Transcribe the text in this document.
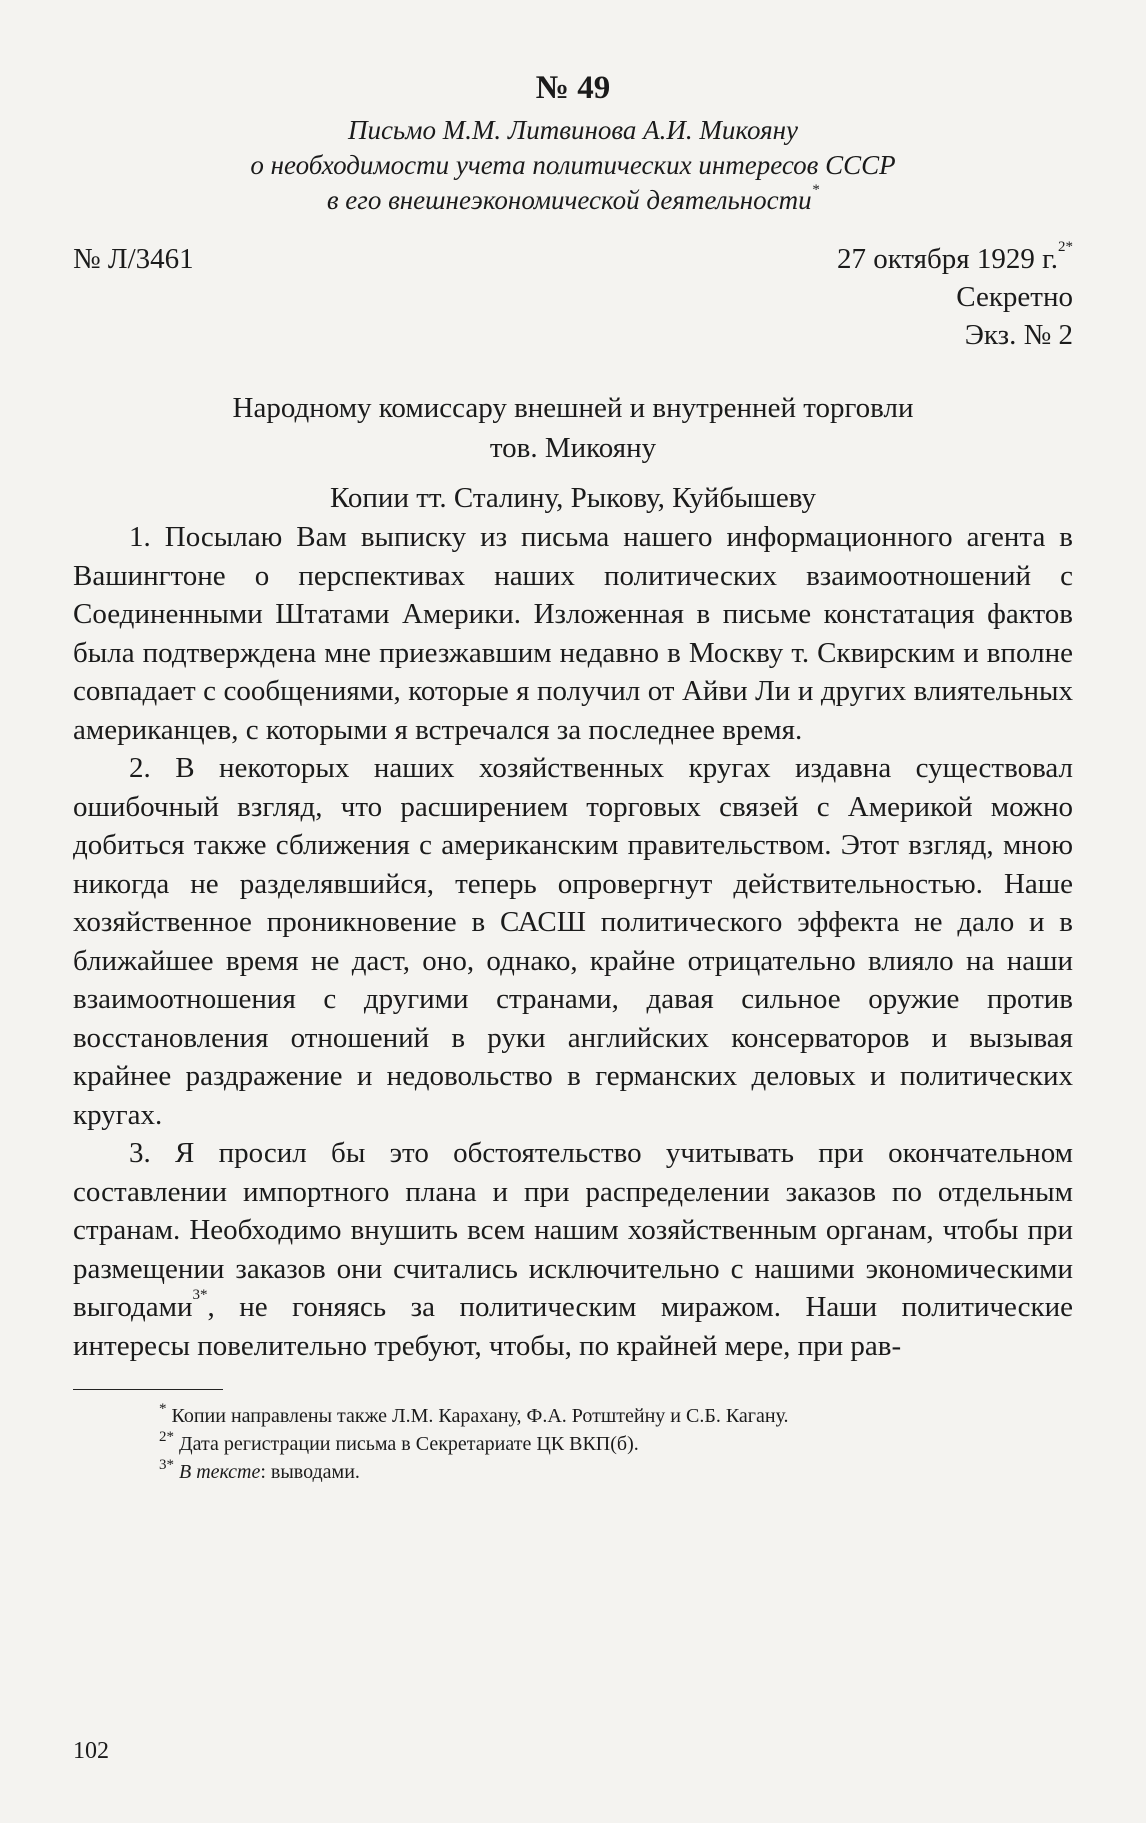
№ 49
Письмо М.М. Литвинова А.И. Микояну
о необходимости учета политических интересов СССР
в его внешнеэкономической деятельности*
№ Л/3461	27 октября 1929 г.$^{2*}$
Секретно
Экз. № 2
Народному комиссару внешней и внутренней торговли
тов. Микояну
Копии тт. Сталину, Рыкову, Куйбышеву

1. Посылаю Вам выписку из письма нашего информационного агента в Вашингтоне о перспективах наших политических взаимоотношений с Соединенными Штатами Америки. Изложенная в письме констатация фактов была подтверждена мне приезжавшим недавно в Москву т. Сквирским и вполне совпадает с сообщениями, которые я получил от Айви Ли и других влиятельных американцев, с которыми я встречался за последнее время.

2. В некоторых наших хозяйственных кругах издавна существовал ошибочный взгляд, что расширением торговых связей с Америкой можно добиться также сближения с американским правительством. Этот взгляд, мною никогда не разделявшийся, теперь опровергнут действительностью. Наше хозяйственное проникновение в САСШ политического эффекта не дало и в ближайшее время не даст, оно, однако, крайне отрицательно влияло на наши взаимоотношения с другими странами, давая сильное оружие против восстановления отношений в руки английских консерваторов и вызывая крайнее раздражение и недовольство в германских деловых и политических кругах.

3. Я просил бы это обстоятельство учитывать при окончательном составлении импортного плана и при распределении заказов по отдельным странам. Необходимо внушить всем нашим хозяйственным органам, чтобы при размещении заказов они считались исключительно с нашими экономическими выгодами$^{3*}$, не гоняясь за политическим миражом. Наши политические интересы повелительно требуют, чтобы, по крайней мере, при рав-

* Копии направлены также Л.М. Карахану, Ф.А. Ротштейну и С.Б. Кагану.
$^{2*}$ Дата регистрации письма в Секретариате ЦК ВКП(б).
$^{3*}$ В тексте: выводами.
102
